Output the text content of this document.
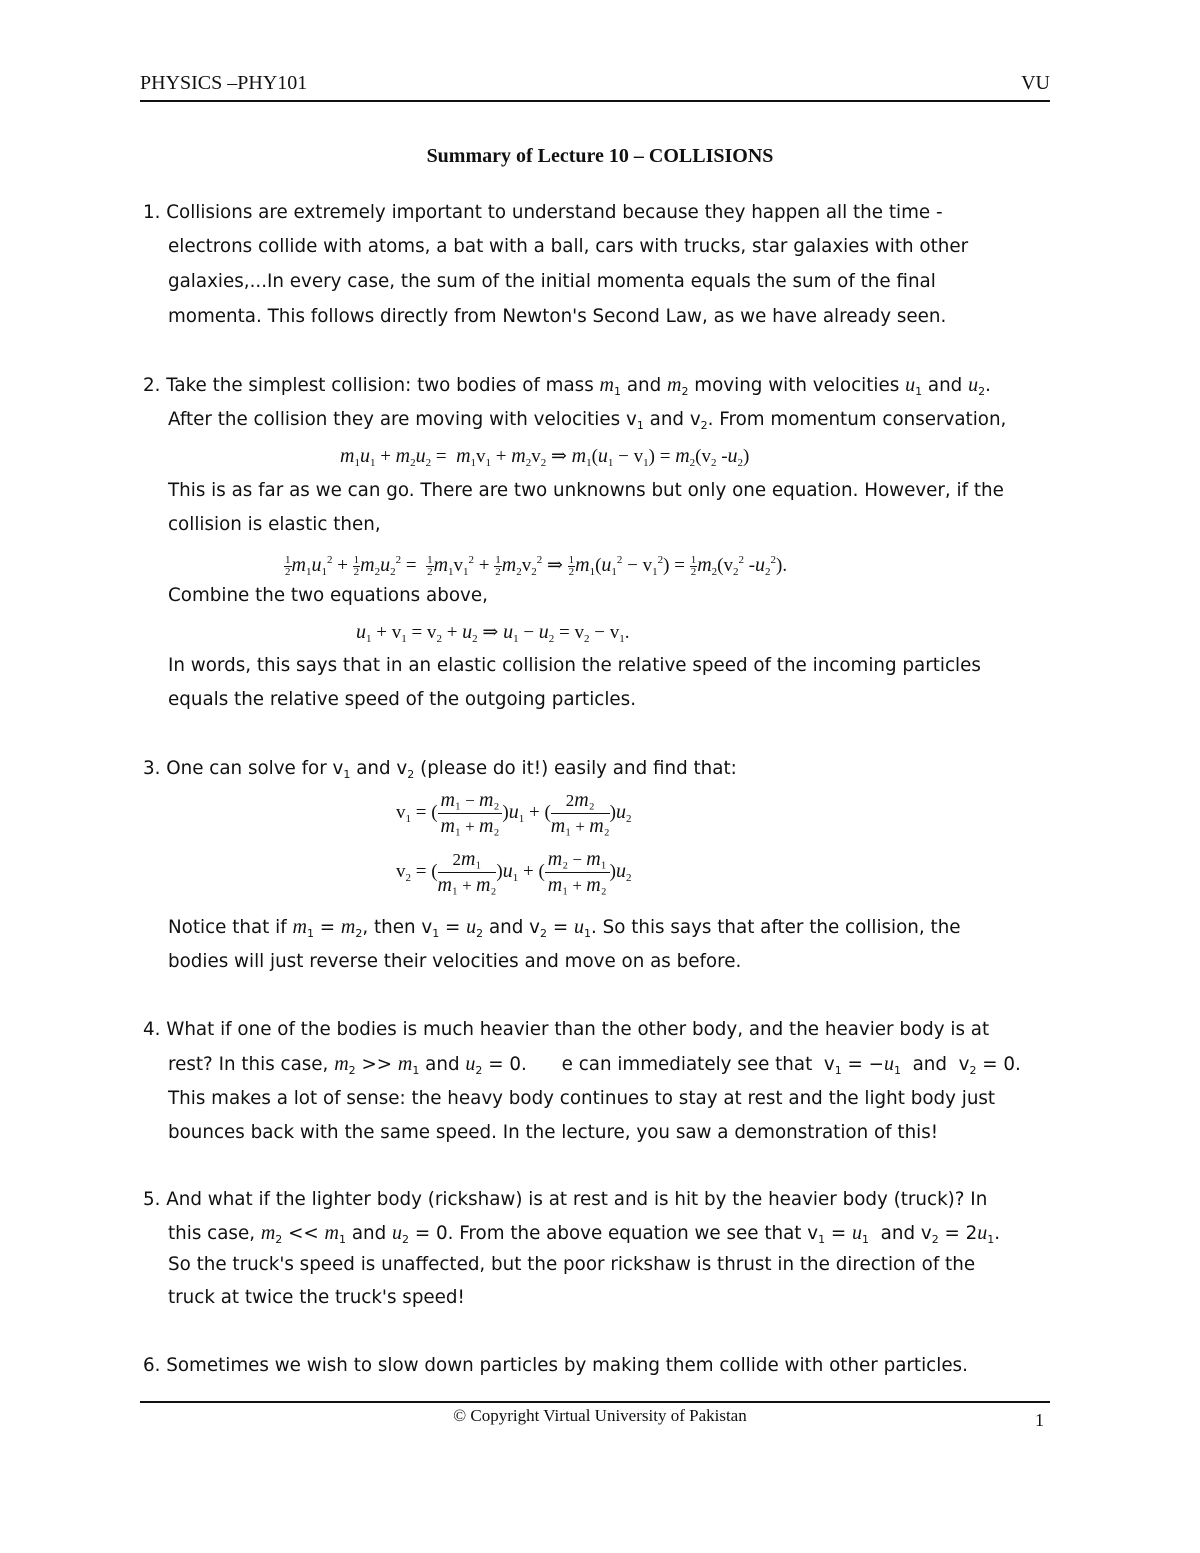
PHYSICS –PHY101	VU
Summary of Lecture 10 – COLLISIONS
1. Collisions are extremely important to understand because they happen all the time -
electrons collide with atoms, a bat with a ball, cars with trucks, star galaxies with other
galaxies,...In every case, the sum of the initial momenta equals the sum of the final
momenta. This follows directly from Newton's Second Law, as we have already seen.
2. Take the simplest collision: two bodies of mass $m_1$ and $m_2$ moving with velocities $u_1$ and $u_2$.
After the collision they are moving with velocities $v_1$ and $v_2$. From momentum conservation,
$m_1u_1 + m_2u_2 = m_1v_1 + m_2v_2$ ⇒ $m_1(u_1 - v_1) = m_2(v_2$ $-u_2$)
This is as far as we can go. There are two unknowns but only one equation. However, if the
collision is elastic then,
$\frac{1}{2} m_1u_1^2 + \frac{1}{2} m_2u_2^2 = \frac{1}{2} m_1v_1^2 + \frac{1}{2} m_2v_2^2$ ⇒ $\frac{1}{2} m_1(u_1^2 - v_1^2) = \frac{1}{2} m_2(v_2^2$ $-u_2^2$).
Combine the two equations above,
$u_1 + v_1 = v_2 + u_2$ ⇒ $u_1 - u_2 = v_2 - v_1$.
In words, this says that in an elastic collision the relative speed of the incoming particles
equals the relative speed of the outgoing particles.
3. One can solve for $v_1$ and $v_2$ (please do it!) easily and find that:
$v_1$ = ( $\frac{\text{m₁ − m₂}}{\text{m₁ + m₂}} )u_1$ + ( $\frac{\text{2m₂}}{\text{m₁ + m₂}} )u_2$
$v_2$ = ( $\frac{\text{2m₁}}{\text{m₁ + m₂}} )u_1$ + ( $\frac{\text{m₂ − m₁}}{\text{m₁ + m₂}} )u_2$
Notice that if $m_1 = m_2$, then $v_1 = u_2$ and $v_2 = u_1$. So this says that after the collision, the
bodies will just reverse their velocities and move on as before.
4. What if one of the bodies is much heavier than the other body, and the heavier body is at
rest? In this case, $m_2 >> m_1$ and $u_2 = 0$.      e can immediately see that  $v_1 = -u_1$ and  $v_2 = 0$.
This makes a lot of sense: the heavy body continues to stay at rest and the light body just
bounces back with the same speed. In the lecture, you saw a demonstration of this!
5. And what if the lighter body (rickshaw) is at rest and is hit by the heavier body (truck)? In
this case, $m_2 << m_1$ and $u_2 = 0$. From the above equation we see that $v_1 = u_1$ and $v_2 = 2u_1$.
So the truck's speed is unaffected, but the poor rickshaw is thrust in the direction of the
truck at twice the truck's speed!
6. Sometimes we wish to slow down particles by making them collide with other particles.
© Copyright Virtual University of Pakistan	1
